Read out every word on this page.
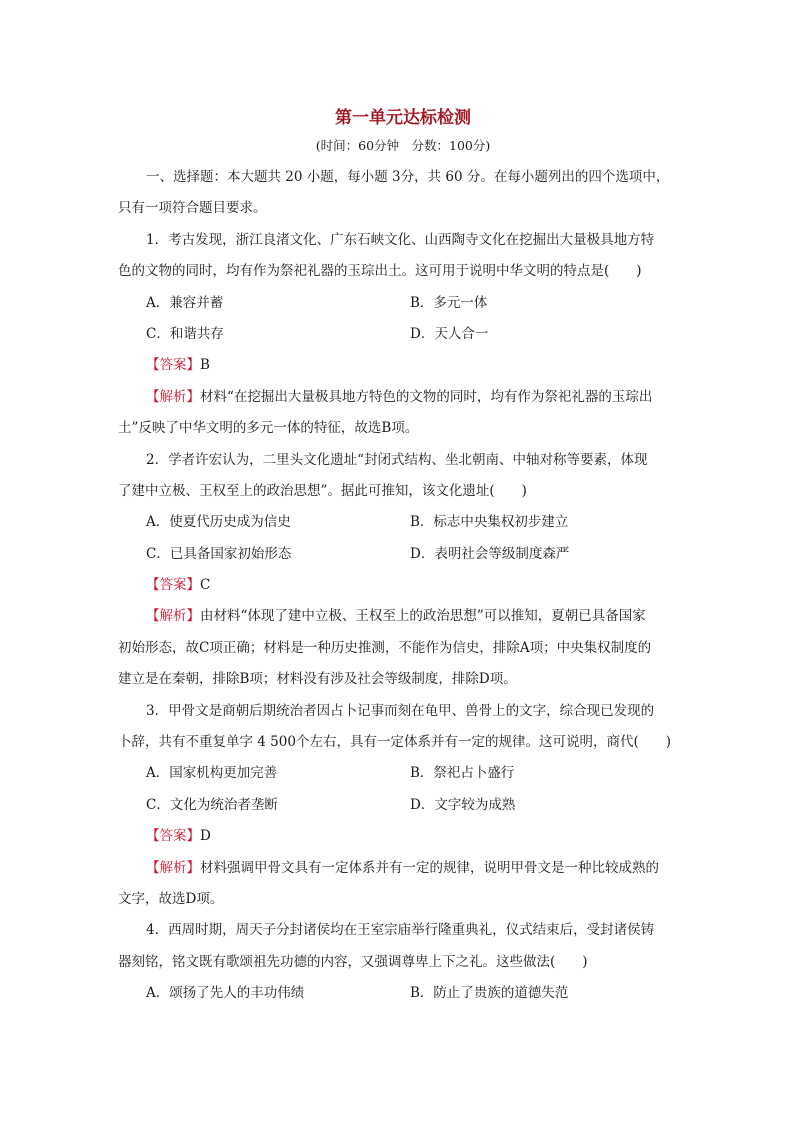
第一单元达标检测
(时间：60分钟　分数：100分)
一、选择题：本大题共 20 小题，每小题 3分，共 60 分。在每小题列出的四个选项中，
只有一项符合题目要求。
1．考古发现，浙江良渚文化、广东石峡文化、山西陶寺文化在挖掘出大量极具地方特
色的文物的同时，均有作为祭祀礼器的玉琮出土。这可用于说明中华文明的特点是(　　)
A．兼容并蓄	B．多元一体
C．和谐共存	D．天人合一
【答案】B
【解析】材料“在挖掘出大量极具地方特色的文物的同时，均有作为祭祀礼器的玉琮出
土”反映了中华文明的多元一体的特征，故选B项。
2．学者许宏认为，二里头文化遗址“封闭式结构、坐北朝南、中轴对称等要素，体现
了建中立极、王权至上的政治思想”。据此可推知，该文化遗址(　　)
A．使夏代历史成为信史	B．标志中央集权初步建立
C．已具备国家初始形态	D．表明社会等级制度森严
【答案】C
【解析】由材料“体现了建中立极、王权至上的政治思想”可以推知，夏朝已具备国家
初始形态，故C项正确；材料是一种历史推测，不能作为信史，排除A项；中央集权制度的
建立是在秦朝，排除B项；材料没有涉及社会等级制度，排除D项。
3．甲骨文是商朝后期统治者因占卜记事而刻在龟甲、兽骨上的文字，综合现已发现的
卜辞，共有不重复单字 4 500个左右，具有一定体系并有一定的规律。这可说明，商代(　　)
A．国家机构更加完善	B．祭祀占卜盛行
C．文化为统治者垄断	D．文字较为成熟
【答案】D
【解析】材料强调甲骨文具有一定体系并有一定的规律，说明甲骨文是一种比较成熟的
文字，故选D项。
4．西周时期，周天子分封诸侯均在王室宗庙举行隆重典礼，仪式结束后，受封诸侯铸
器刻铭，铭文既有歌颂祖先功德的内容，又强调尊卑上下之礼。这些做法(　　)
A．颂扬了先人的丰功伟绩	B．防止了贵族的道德失范
